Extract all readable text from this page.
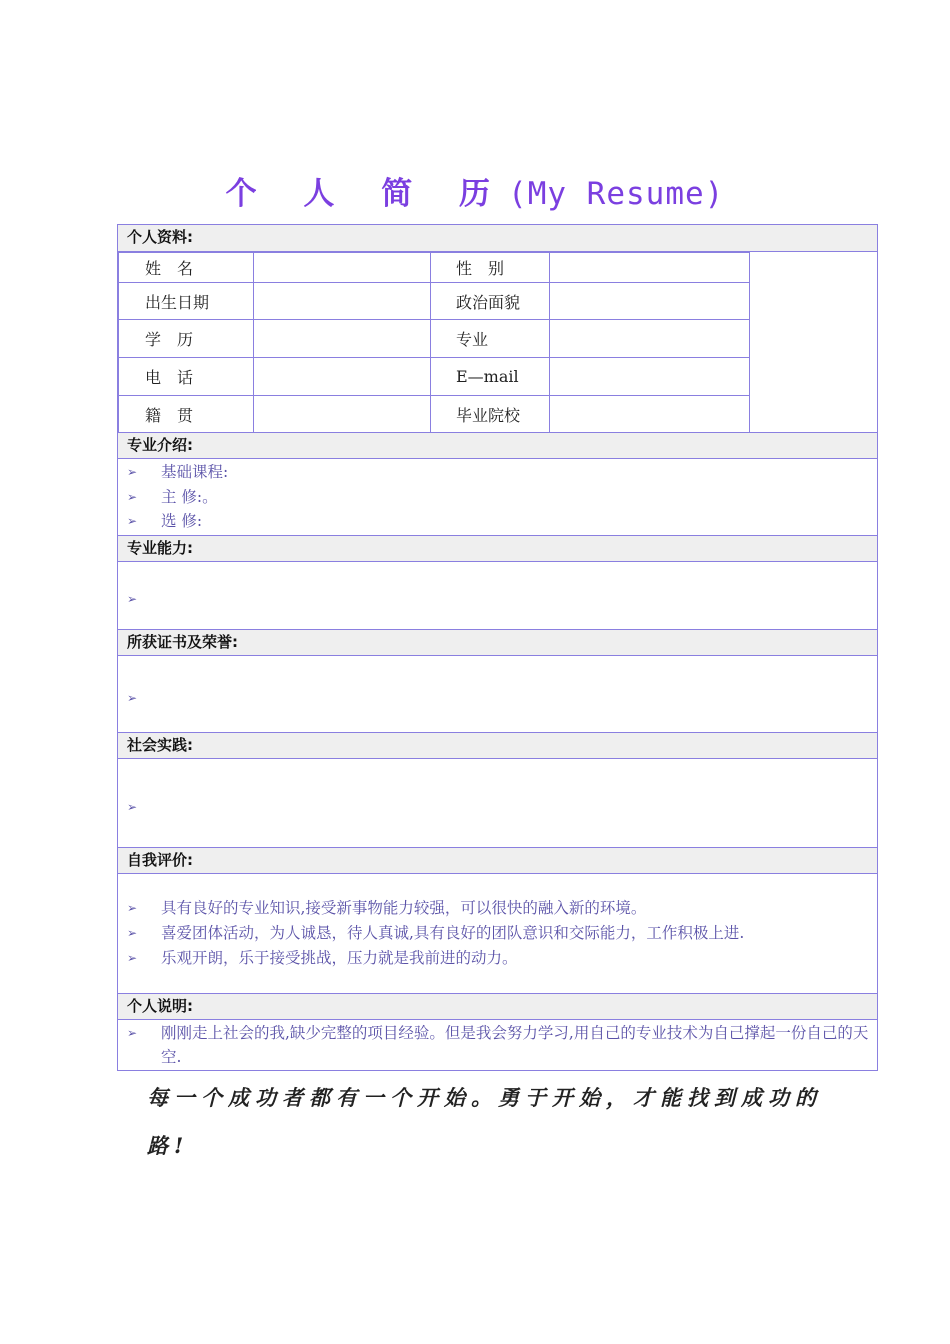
个 人 简 历(My Resume)
个人资料:
姓　名	性　别
出生日期	政治面貌
学　历	专业
电　话	E—mail
籍　贯	毕业院校
专业介绍:
➢	基础课程:
➢	主 修:。
➢	选 修:
专业能力:
➢
所获证书及荣誉:
➢
社会实践:
➢
自我评价:
➢	具有良好的专业知识,接受新事物能力较强，可以很快的融入新的环境。
➢	喜爱团体活动，为人诚恳，待人真诚,具有良好的团队意识和交际能力，工作积极上进.
➢	乐观开朗，乐于接受挑战，压力就是我前进的动力。
个人说明:
➢	刚刚走上社会的我,缺少完整的项目经验。但是我会努力学习,用自己的专业技术为自己撑起一份自己的天空.
每一个成功者都有一个开始。勇于开始，才能找到成功的
路!
